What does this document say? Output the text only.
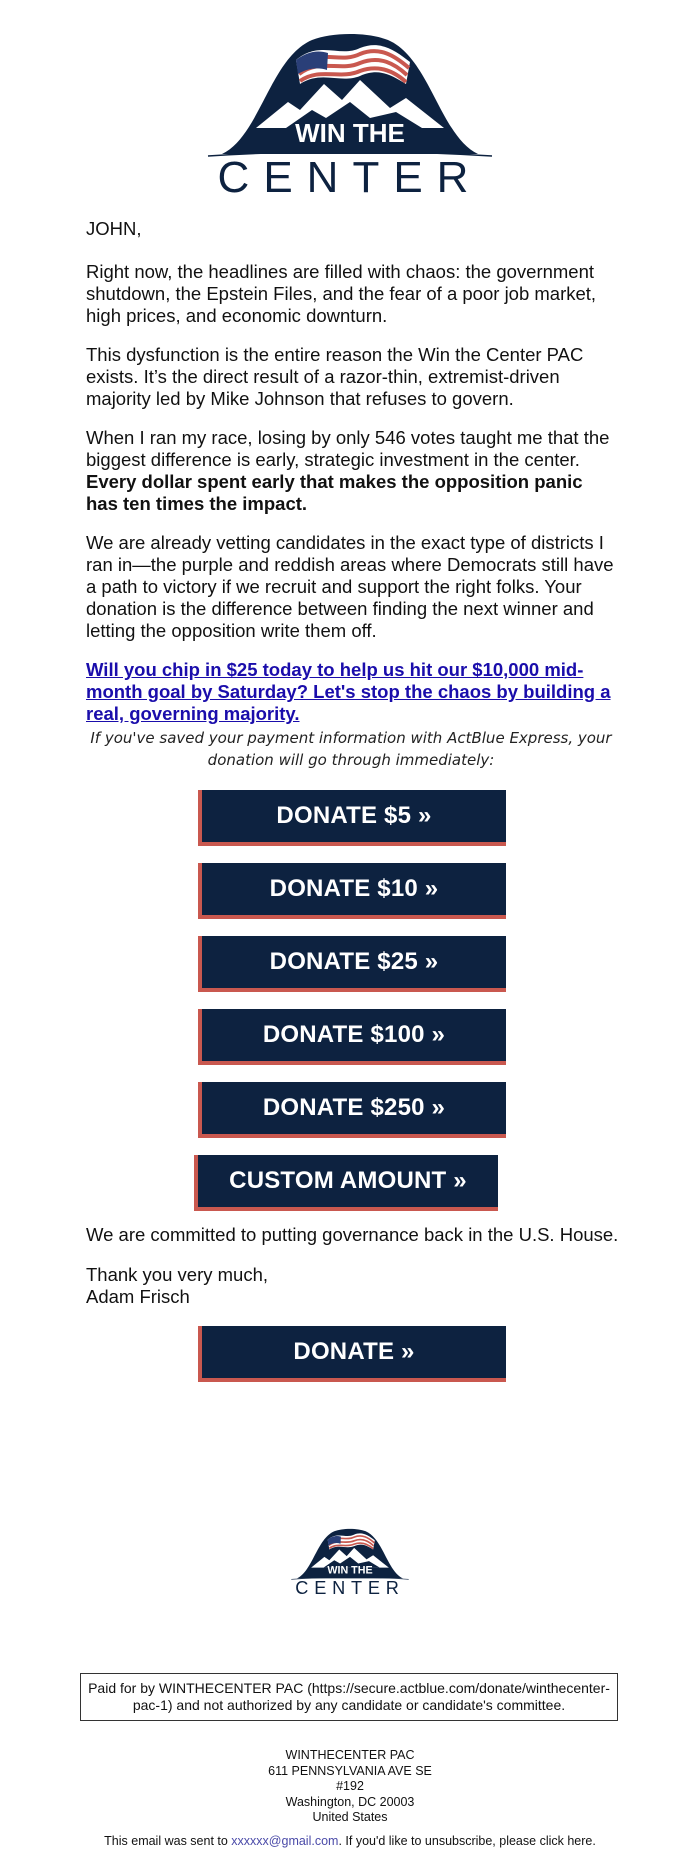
WIN THE
CENTER

JOHN,

Right now, the headlines are filled with chaos: the government shutdown, the Epstein Files, and the fear of a poor job market, high prices, and economic downturn.

This dysfunction is the entire reason the Win the Center PAC exists. It’s the direct result of a razor-thin, extremist-driven majority led by Mike Johnson that refuses to govern.

When I ran my race, losing by only 546 votes taught me that the biggest difference is early, strategic investment in the center. Every dollar spent early that makes the opposition panic has ten times the impact.

We are already vetting candidates in the exact type of districts I ran in—the purple and reddish areas where Democrats still have a path to victory if we recruit and support the right folks. Your donation is the difference between finding the next winner and letting the opposition write them off.

Will you chip in $25 today to help us hit our $10,000 mid-month goal by Saturday? Let's stop the chaos by building a real, governing majority.
If you've saved your payment information with ActBlue Express, your donation will go through immediately:
DONATE $5 »
DONATE $10 »
DONATE $25 »
DONATE $100 »
DONATE $250 »
CUSTOM AMOUNT »
We are committed to putting governance back in the U.S. House.
Thank you very much,
Adam Frisch
DONATE »
WIN THE
CENTER
Paid for by WINTHECENTER PAC (https://secure.actblue.com/donate/winthecenter-pac-1) and not authorized by any candidate or candidate's committee.
WINTHECENTER PAC
611 PENNSYLVANIA AVE SE
#192
Washington, DC 20003
United States
This email was sent to xxxxxx@gmail.com. If you'd like to unsubscribe, please click here.
